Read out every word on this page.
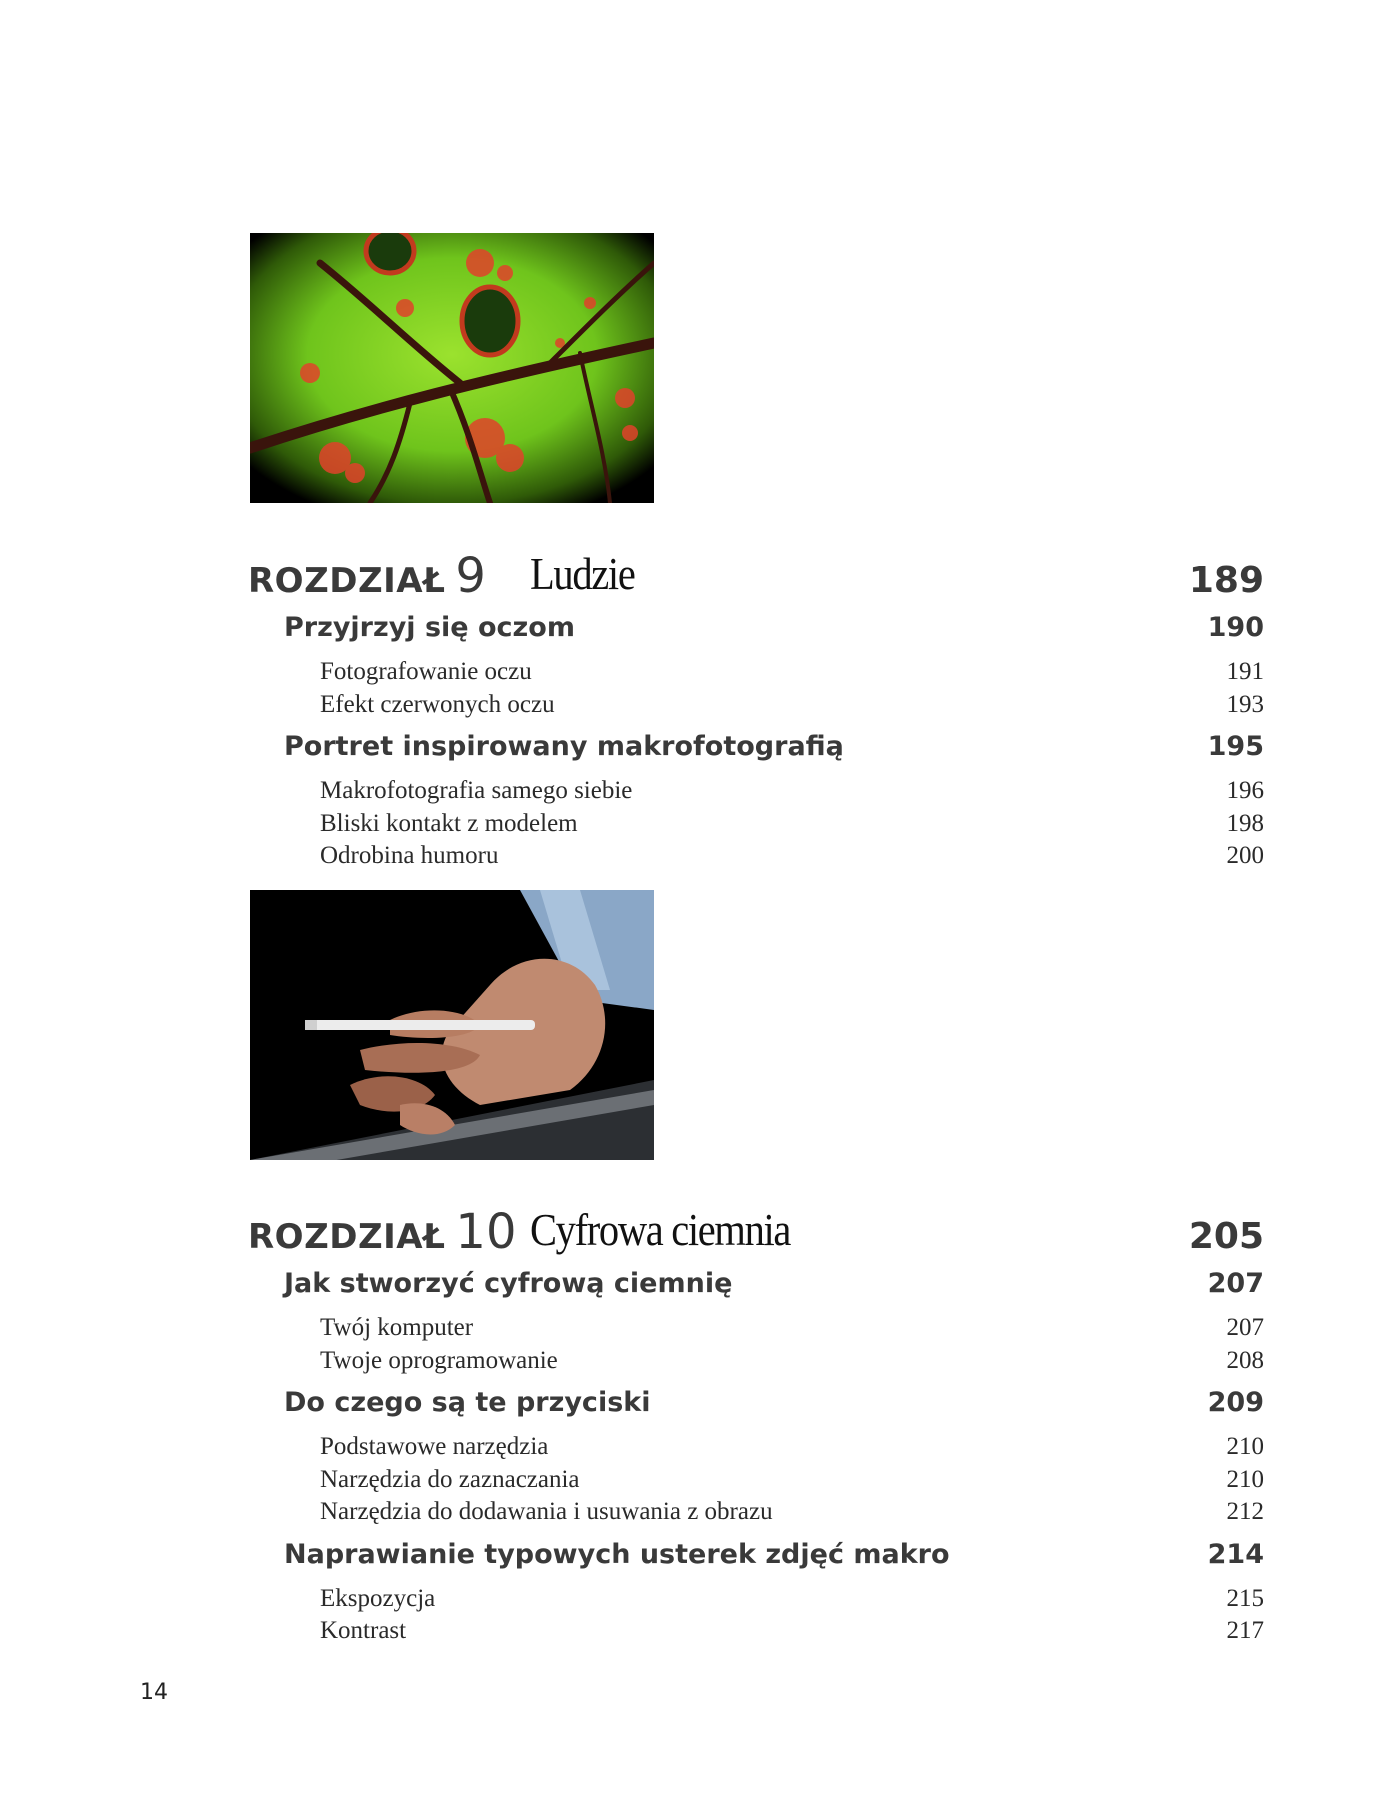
ROZDZIAŁ 9 Ludzie	189
Przyjrzyj się oczom	190
Fotografowanie oczu	191
Efekt czerwonych oczu	193
Portret inspirowany makrofotografią	195
Makrofotografia samego siebie	196
Bliski kontakt z modelem	198
Odrobina humoru	200
ROZDZIAŁ 10 Cyfrowa ciemnia	205
Jak stworzyć cyfrową ciemnię	207
Twój komputer	207
Twoje oprogramowanie	208
Do czego są te przyciski	209
Podstawowe narzędzia	210
Narzędzia do zaznaczania	210
Narzędzia do dodawania i usuwania z obrazu	212
Naprawianie typowych usterek zdjęć makro	214
Ekspozycja	215
Kontrast	217
14
